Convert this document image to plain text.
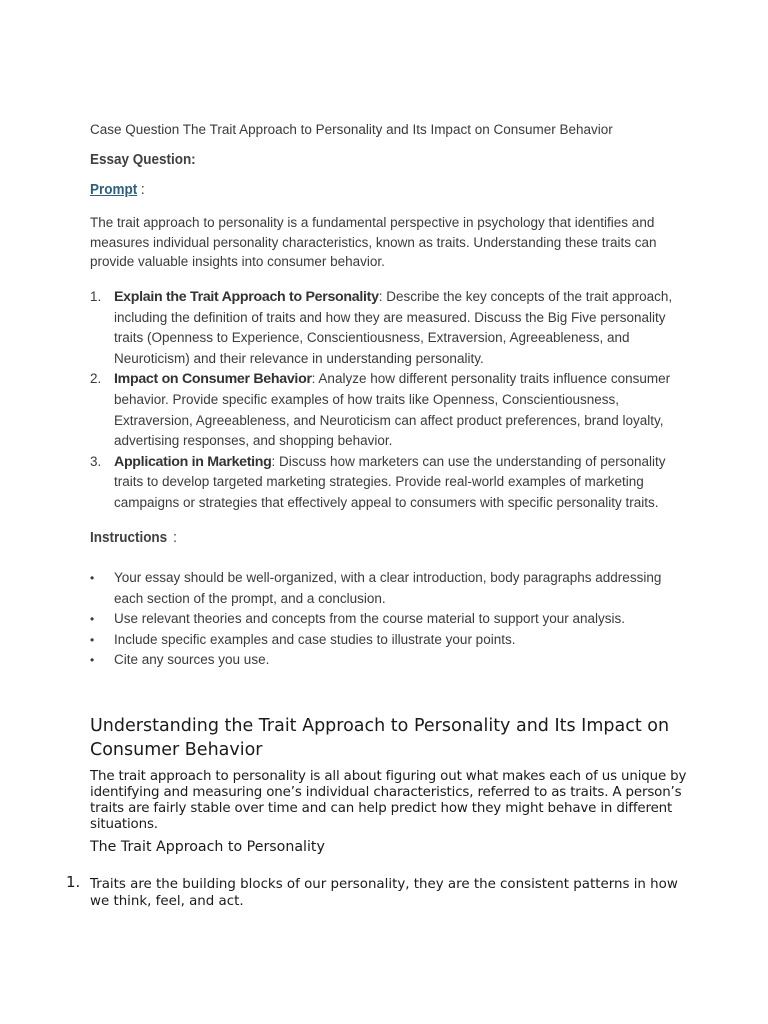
Case Question The Trait Approach to Personality and Its Impact on Consumer Behavior
Essay Question:
Prompt :
The trait approach to personality is a fundamental perspective in psychology that identifies and measures individual personality characteristics, known as traits. Understanding these traits can provide valuable insights into consumer behavior.
1. Explain the Trait Approach to Personality: Describe the key concepts of the trait approach, including the definition of traits and how they are measured. Discuss the Big Five personality traits (Openness to Experience, Conscientiousness, Extraversion, Agreeableness, and Neuroticism) and their relevance in understanding personality.
2. Impact on Consumer Behavior: Analyze how different personality traits influence consumer behavior. Provide specific examples of how traits like Openness, Conscientiousness, Extraversion, Agreeableness, and Neuroticism can affect product preferences, brand loyalty, advertising responses, and shopping behavior.
3. Application in Marketing: Discuss how marketers can use the understanding of personality traits to develop targeted marketing strategies. Provide real-world examples of marketing campaigns or strategies that effectively appeal to consumers with specific personality traits.
Instructions :
• Your essay should be well-organized, with a clear introduction, body paragraphs addressing each section of the prompt, and a conclusion.
• Use relevant theories and concepts from the course material to support your analysis.
• Include specific examples and case studies to illustrate your points.
• Cite any sources you use.
Understanding the Trait Approach to Personality and Its Impact on Consumer Behavior
The trait approach to personality is all about figuring out what makes each of us unique by identifying and measuring one’s individual characteristics, referred to as traits. A person’s traits are fairly stable over time and can help predict how they might behave in different situations.
The Trait Approach to Personality
1. Traits are the building blocks of our personality, they are the consistent patterns in how we think, feel, and act.
